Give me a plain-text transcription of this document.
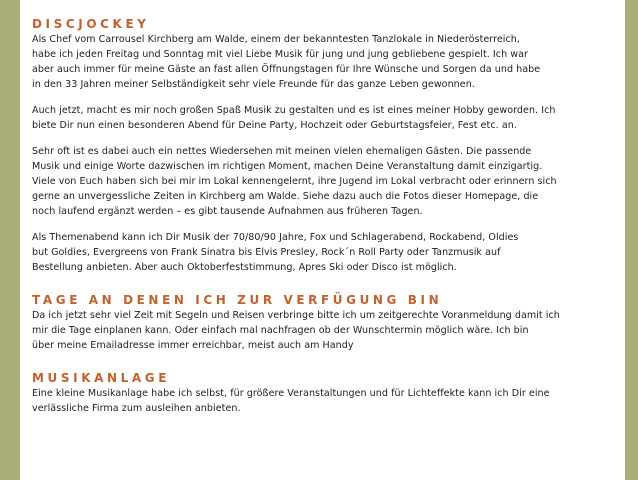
DISCJOCKEY

Als Chef vom Carrousel Kirchberg am Walde, einem der bekanntesten Tanzlokale in Niederösterreich,
habe ich jeden Freitag und Sonntag mit viel Liebe Musik für jung und jung gebliebene gespielt. Ich war
aber auch immer für meine Gäste an fast allen Öffnungstagen für Ihre Wünsche und Sorgen da und habe
in den 33 Jahren meiner Selbständigkeit sehr viele Freunde für das ganze Leben gewonnen.

Auch jetzt, macht es mir noch großen Spaß Musik zu gestalten und es ist eines meiner Hobby geworden. Ich
biete Dir nun einen besonderen Abend für Deine Party, Hochzeit oder Geburtstagsfeier, Fest etc. an.

Sehr oft ist es dabei auch ein nettes Wiedersehen mit meinen vielen ehemaligen Gästen. Die passende
Musik und einige Worte dazwischen im richtigen Moment, machen Deine Veranstaltung damit einzigartig.
Viele von Euch haben sich bei mir im Lokal kennengelernt, ihre Jugend im Lokal verbracht oder erinnern sich
gerne an unvergessliche Zeiten in Kirchberg am Walde. Siehe dazu auch die Fotos dieser Homepage, die
noch laufend ergänzt werden – es gibt tausende Aufnahmen aus früheren Tagen.

Als Themenabend kann ich Dir Musik der 70/80/90 Jahre, Fox und Schlagerabend, Rockabend, Oldies
but Goldies, Evergreens von Frank Sinatra bis Elvis Presley, Rock´n Roll Party oder Tanzmusik auf
Bestellung anbieten. Aber auch Oktoberfeststimmung, Apres Ski oder Disco ist möglich.

TAGE AN DENEN ICH ZUR VERFÜGUNG BIN

Da ich jetzt sehr viel Zeit mit Segeln und Reisen verbringe bitte ich um zeitgerechte Voranmeldung damit ich
mir die Tage einplanen kann. Oder einfach mal nachfragen ob der Wunschtermin möglich wäre. Ich bin
über meine Emailadresse immer erreichbar, meist auch am Handy

MUSIKANLAGE

Eine kleine Musikanlage habe ich selbst, für größere Veranstaltungen und für Lichteffekte kann ich Dir eine
verlässliche Firma zum ausleihen anbieten.
